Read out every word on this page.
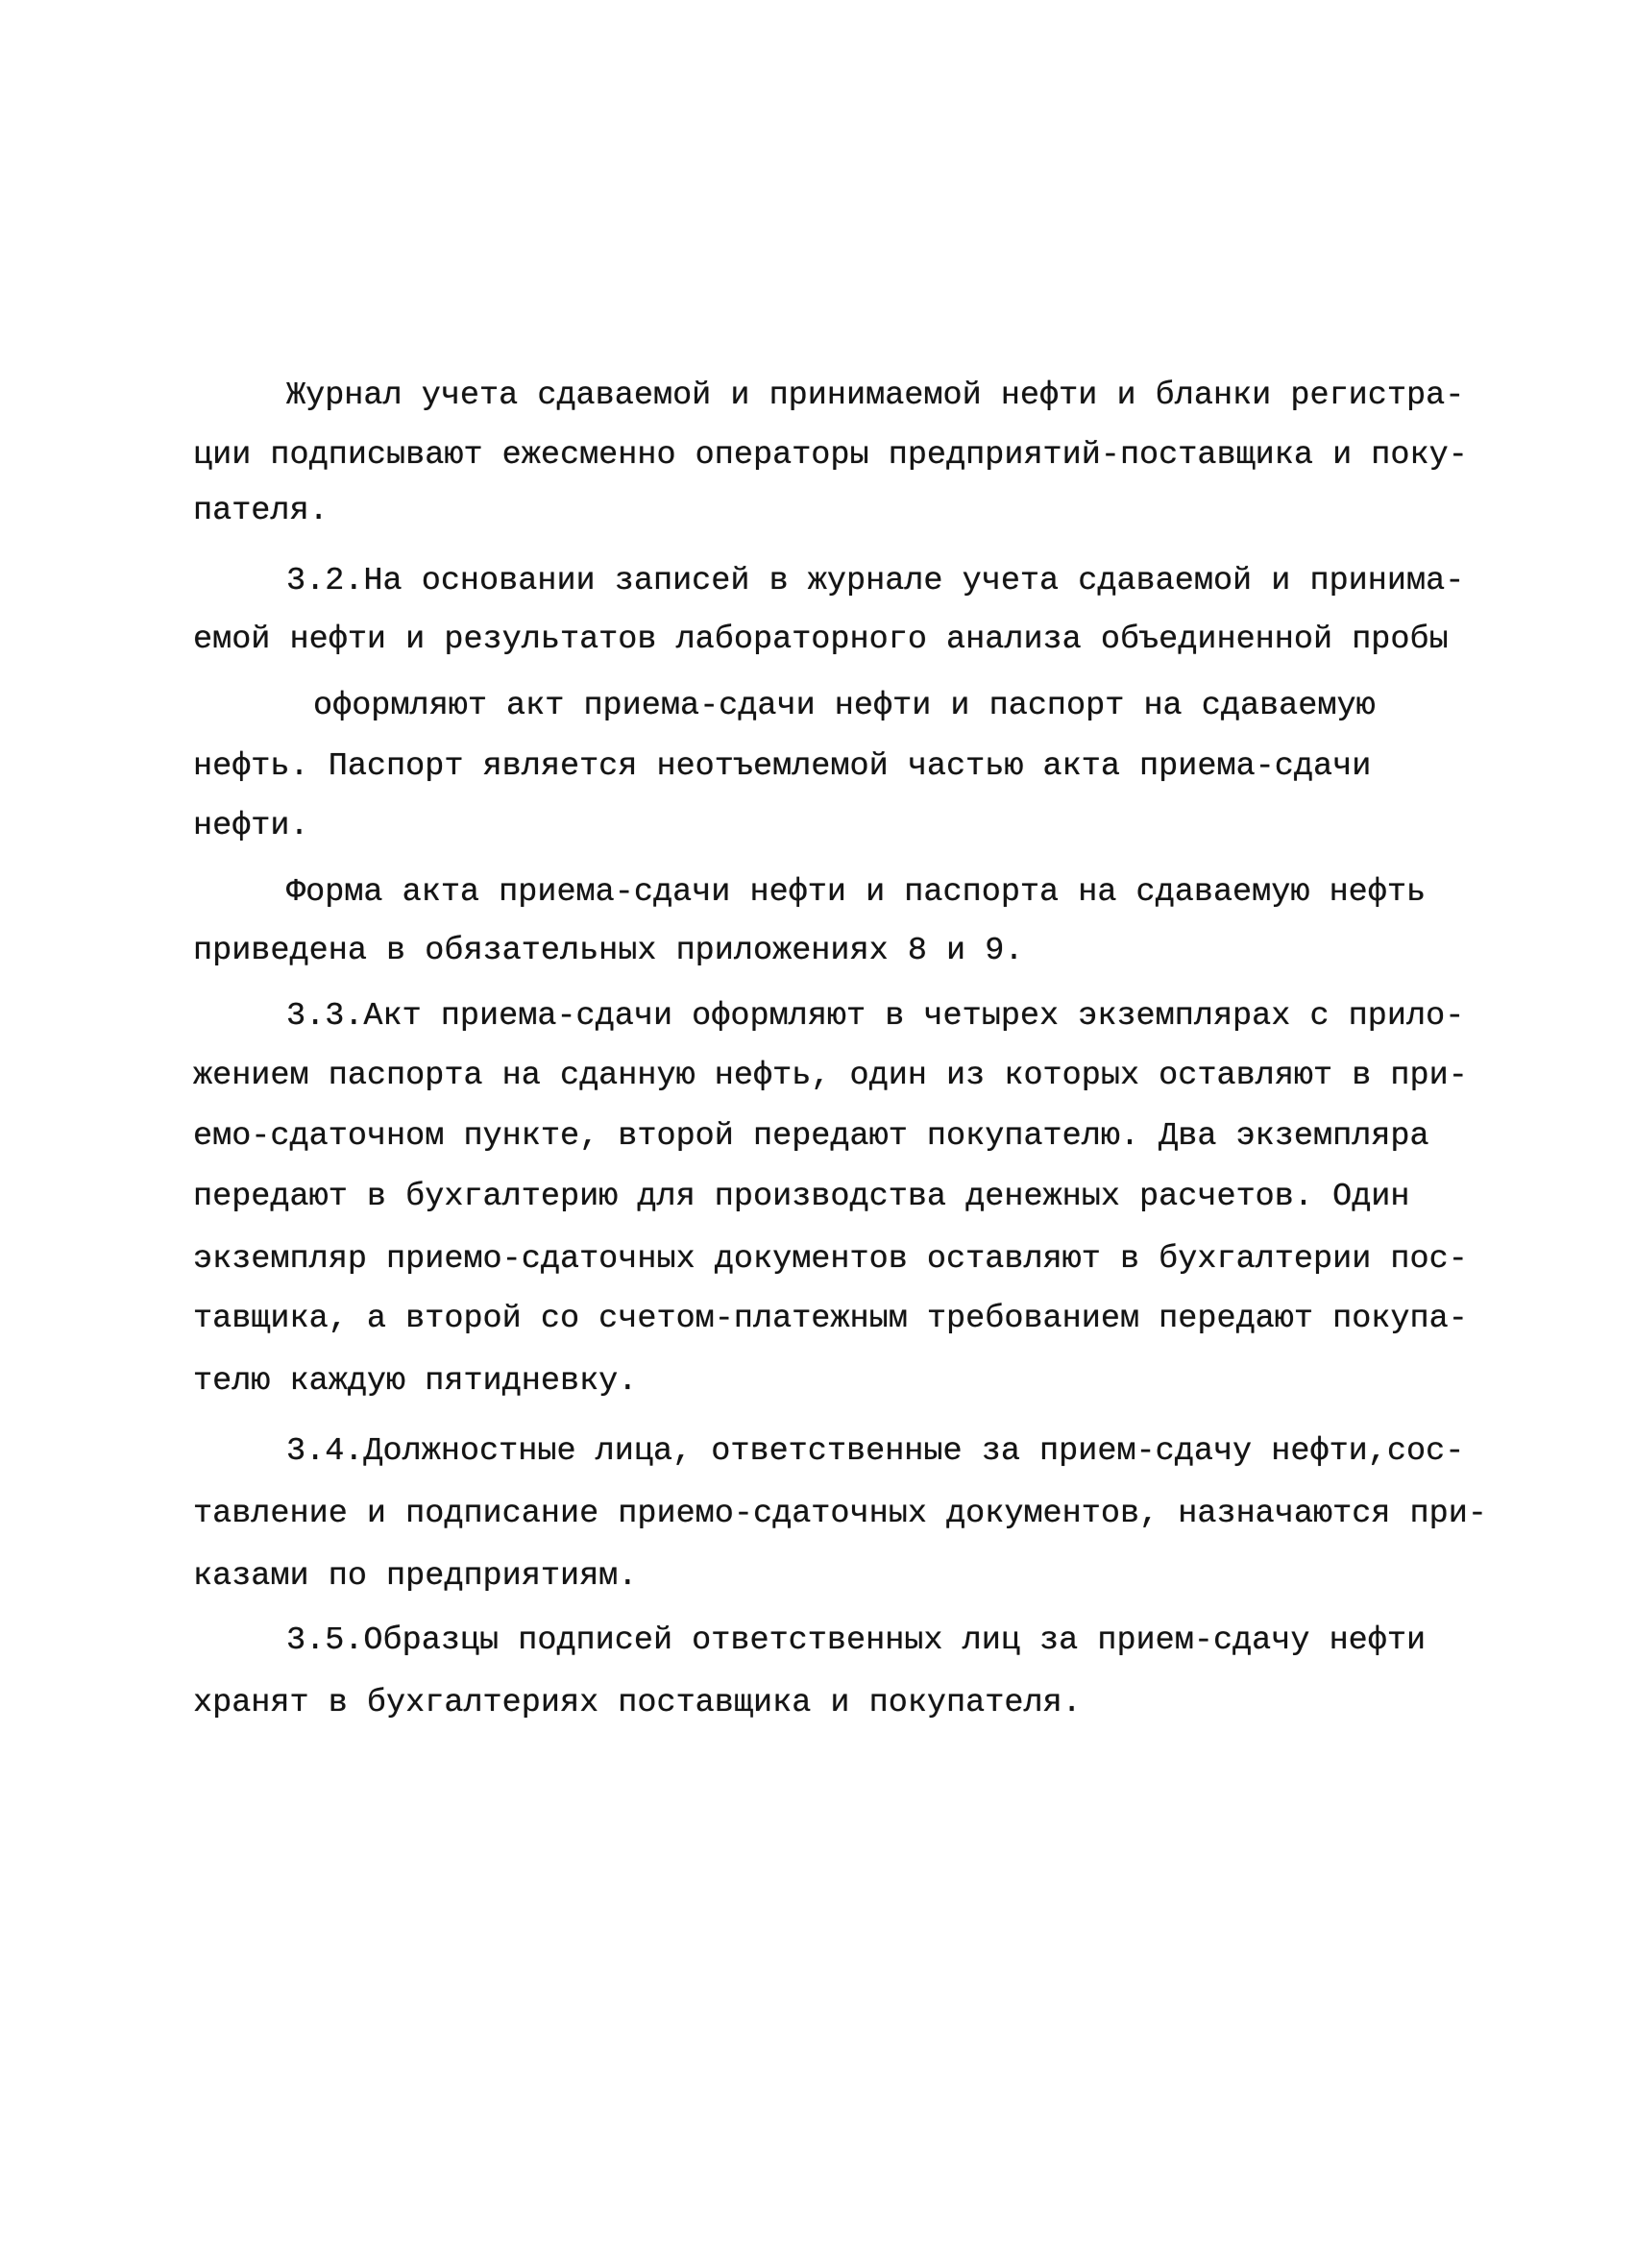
Журнал учета сдаваемой и принимаемой нефти и бланки регистра-
ции подписывают ежесменно операторы предприятий-поставщика и поку-
пателя.
3.2.На основании записей в журнале учета сдаваемой и принима-
емой нефти и результатов лабораторного анализа объединенной пробы
оформляют акт приема-сдачи нефти и паспорт на сдаваемую
нефть. Паспорт является неотъемлемой частью акта приема-сдачи
нефти.
Форма акта приема-сдачи нефти и паспорта на сдаваемую нефть
приведена в обязательных приложениях 8 и 9.
3.3.Акт приема-сдачи оформляют в четырех экземплярах с прило-
жением паспорта на сданную нефть, один из которых оставляют в при-
емо-сдаточном пункте, второй передают покупателю. Два экземпляра
передают в бухгалтерию для производства денежных расчетов. Один
экземпляр приемо-сдаточных документов оставляют в бухгалтерии пос-
тавщика, а второй со счетом-платежным требованием передают покупа-
телю каждую пятидневку.
3.4.Должностные лица, ответственные за прием-сдачу нефти,сос-
тавление и подписание приемо-сдаточных документов, назначаются при-
казами по предприятиям.
3.5.Образцы подписей ответственных лиц за прием-сдачу нефти
хранят в бухгалтериях поставщика и покупателя.
